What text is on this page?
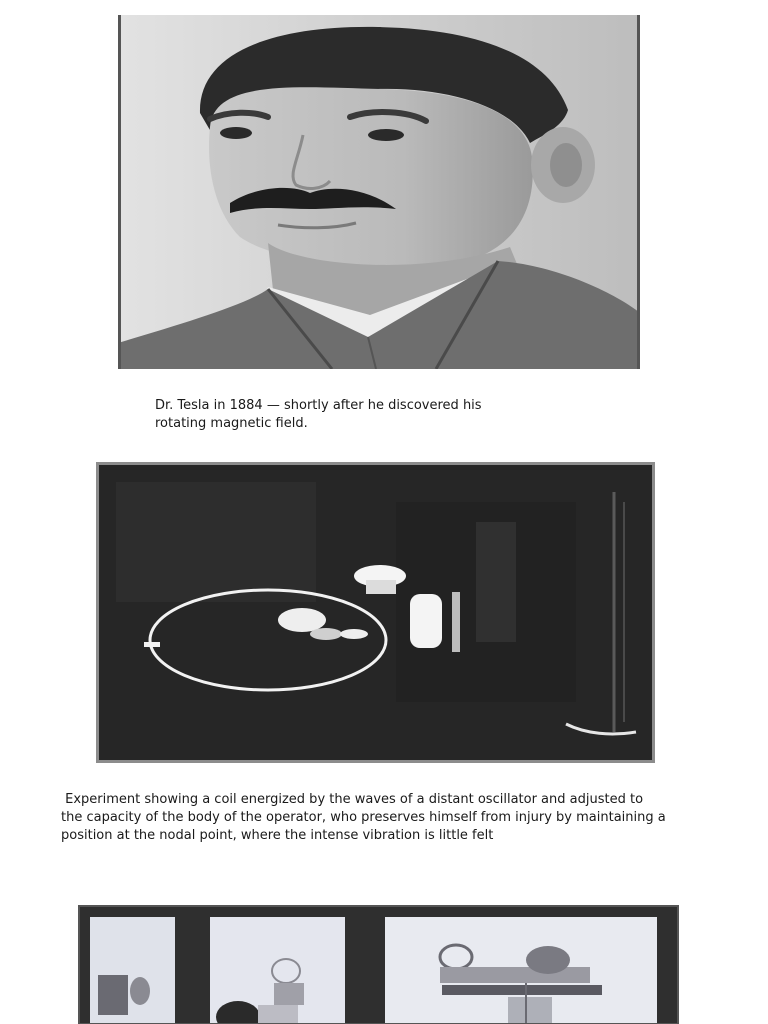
Dr. Tesla in 1884 — shortly after he discovered his
rotating magnetic field.
Experiment showing a coil energized by the waves of a distant oscillator and adjusted to
the capacity of the body of the operator, who preserves himself from injury by maintaining a
position at the nodal point, where the intense vibration is little felt
